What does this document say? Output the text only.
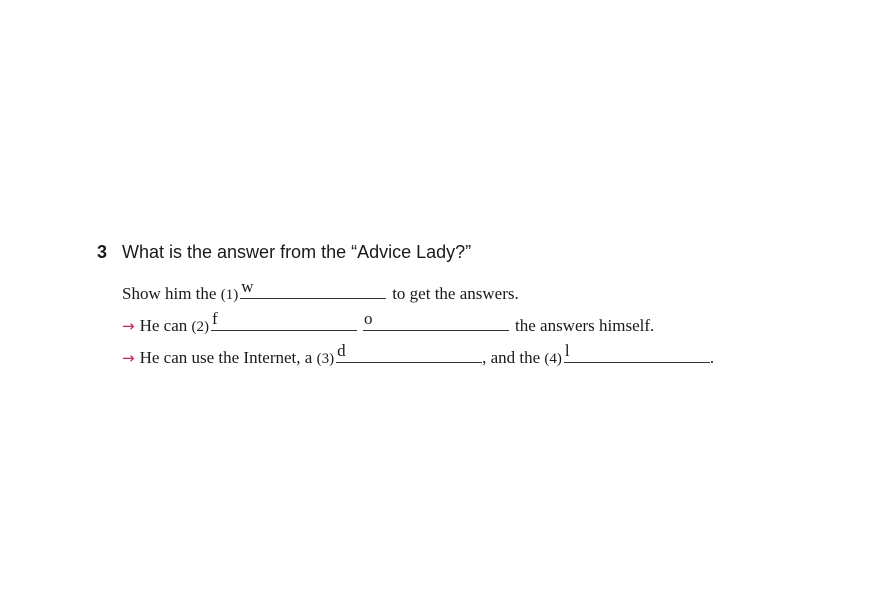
3 What is the answer from the “Advice Lady?”
Show him the
(1) w	to get the answers.
→ He can
(2) f	o	the answers himself.
→ He can use the Internet, a
(3) d	, and the
(4) l	.
